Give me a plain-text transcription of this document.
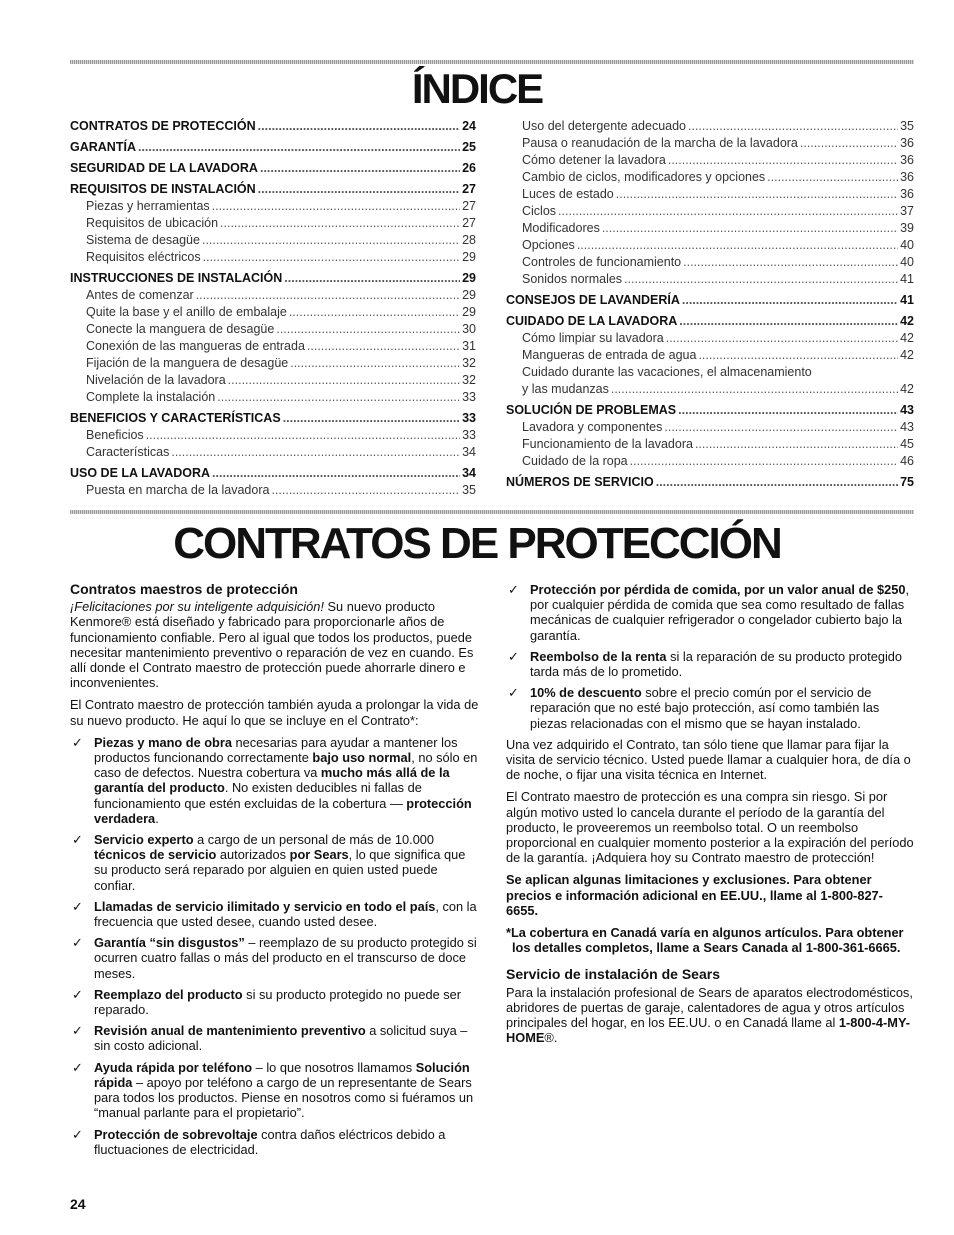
ÍNDICE
CONTRATOS DE PROTECCIÓN .....	24
GARANTÍA .....	25
SEGURIDAD DE LA LAVADORA .....	26
REQUISITOS DE INSTALACIÓN .....	27
Piezas y herramientas .....	27
Requisitos de ubicación .....	27
Sistema de desagüe .....	28
Requisitos eléctricos .....	29
INSTRUCCIONES DE INSTALACIÓN .....	29
Antes de comenzar .....	29
Quite la base y el anillo de embalaje .....	29
Conecte la manguera de desagüe .....	30
Conexión de las mangueras de entrada .....	31
Fijación de la manguera de desagüe .....	32
Nivelación de la lavadora .....	32
Complete la instalación .....	33
BENEFICIOS Y CARACTERÍSTICAS .....	33
Beneficios .....	33
Características .....	34
USO DE LA LAVADORA .....	34
Puesta en marcha de la lavadora .....	35
Uso del detergente adecuado .....	35
Pausa o reanudación de la marcha de la lavadora .....	36
Cómo detener la lavadora .....	36
Cambio de ciclos, modificadores y opciones .....	36
Luces de estado .....	36
Ciclos .....	37
Modificadores .....	39
Opciones .....	40
Controles de funcionamiento .....	40
Sonidos normales .....	41
CONSEJOS DE LAVANDERÍA .....	41
CUIDADO DE LA LAVADORA .....	42
Cómo limpiar su lavadora .....	42
Mangueras de entrada de agua .....	42
Cuidado durante las vacaciones, el almacenamiento
y las mudanzas .....	42
SOLUCIÓN DE PROBLEMAS .....	43
Lavadora y componentes .....	43
Funcionamiento de la lavadora .....	45
Cuidado de la ropa .....	46
NÚMEROS DE SERVICIO .....	75
CONTRATOS DE PROTECCIÓN
Contratos maestros de protección

¡Felicitaciones por su inteligente adquisición! Su nuevo producto Kenmore® está diseñado y fabricado para proporcionarle años de funcionamiento confiable. Pero al igual que todos los productos, puede necesitar mantenimiento preventivo o reparación de vez en cuando. Es allí donde el Contrato maestro de protección puede ahorrarle dinero e inconvenientes.

El Contrato maestro de protección también ayuda a prolongar la vida de su nuevo producto. He aquí lo que se incluye en el Contrato*:

✓ Piezas y mano de obra necesarias para ayudar a mantener los productos funcionando correctamente bajo uso normal, no sólo en caso de defectos. Nuestra cobertura va mucho más allá de la garantía del producto. No existen deducibles ni fallas de funcionamiento que estén excluidas de la cobertura — protección verdadera.
✓ Servicio experto a cargo de un personal de más de 10.000 técnicos de servicio autorizados por Sears, lo que significa que su producto será reparado por alguien en quien usted puede confiar.
✓ Llamadas de servicio ilimitado y servicio en todo el país, con la frecuencia que usted desee, cuando usted desee.
✓ Garantía “sin disgustos” – reemplazo de su producto protegido si ocurren cuatro fallas o más del producto en el transcurso de doce meses.
✓ Reemplazo del producto si su producto protegido no puede ser reparado.
✓ Revisión anual de mantenimiento preventivo a solicitud suya – sin costo adicional.
✓ Ayuda rápida por teléfono – lo que nosotros llamamos Solución rápida – apoyo por teléfono a cargo de un representante de Sears para todos los productos. Piense en nosotros como si fuéramos un “manual parlante para el propietario”.
✓ Protección de sobrevoltaje contra daños eléctricos debido a fluctuaciones de electricidad.
✓ Protección por pérdida de comida, por un valor anual de $250, por cualquier pérdida de comida que sea como resultado de fallas mecánicas de cualquier refrigerador o congelador cubierto bajo la garantía.
✓ Reembolso de la renta si la reparación de su producto protegido tarda más de lo prometido.
✓ 10% de descuento sobre el precio común por el servicio de reparación que no esté bajo protección, así como también las piezas relacionadas con el mismo que se hayan instalado.

Una vez adquirido el Contrato, tan sólo tiene que llamar para fijar la visita de servicio técnico. Usted puede llamar a cualquier hora, de día o de noche, o fijar una visita técnica en Internet.

El Contrato maestro de protección es una compra sin riesgo. Si por algún motivo usted lo cancela durante el período de la garantía del producto, le proveeremos un reembolso total. O un reembolso proporcional en cualquier momento posterior a la expiración del período de la garantía. ¡Adquiera hoy su Contrato maestro de protección!

Se aplican algunas limitaciones y exclusiones. Para obtener precios e información adicional en EE.UU., llame al 1-800-827-6655.

*La cobertura en Canadá varía en algunos artículos. Para obtener los detalles completos, llame a Sears Canada al 1-800-361-6665.

Servicio de instalación de Sears

Para la instalación profesional de Sears de aparatos electrodomésticos, abridores de puertas de garaje, calentadores de agua y otros artículos principales del hogar, en los EE.UU. o en Canadá llame al 1-800-4-MY-HOME®.

24
